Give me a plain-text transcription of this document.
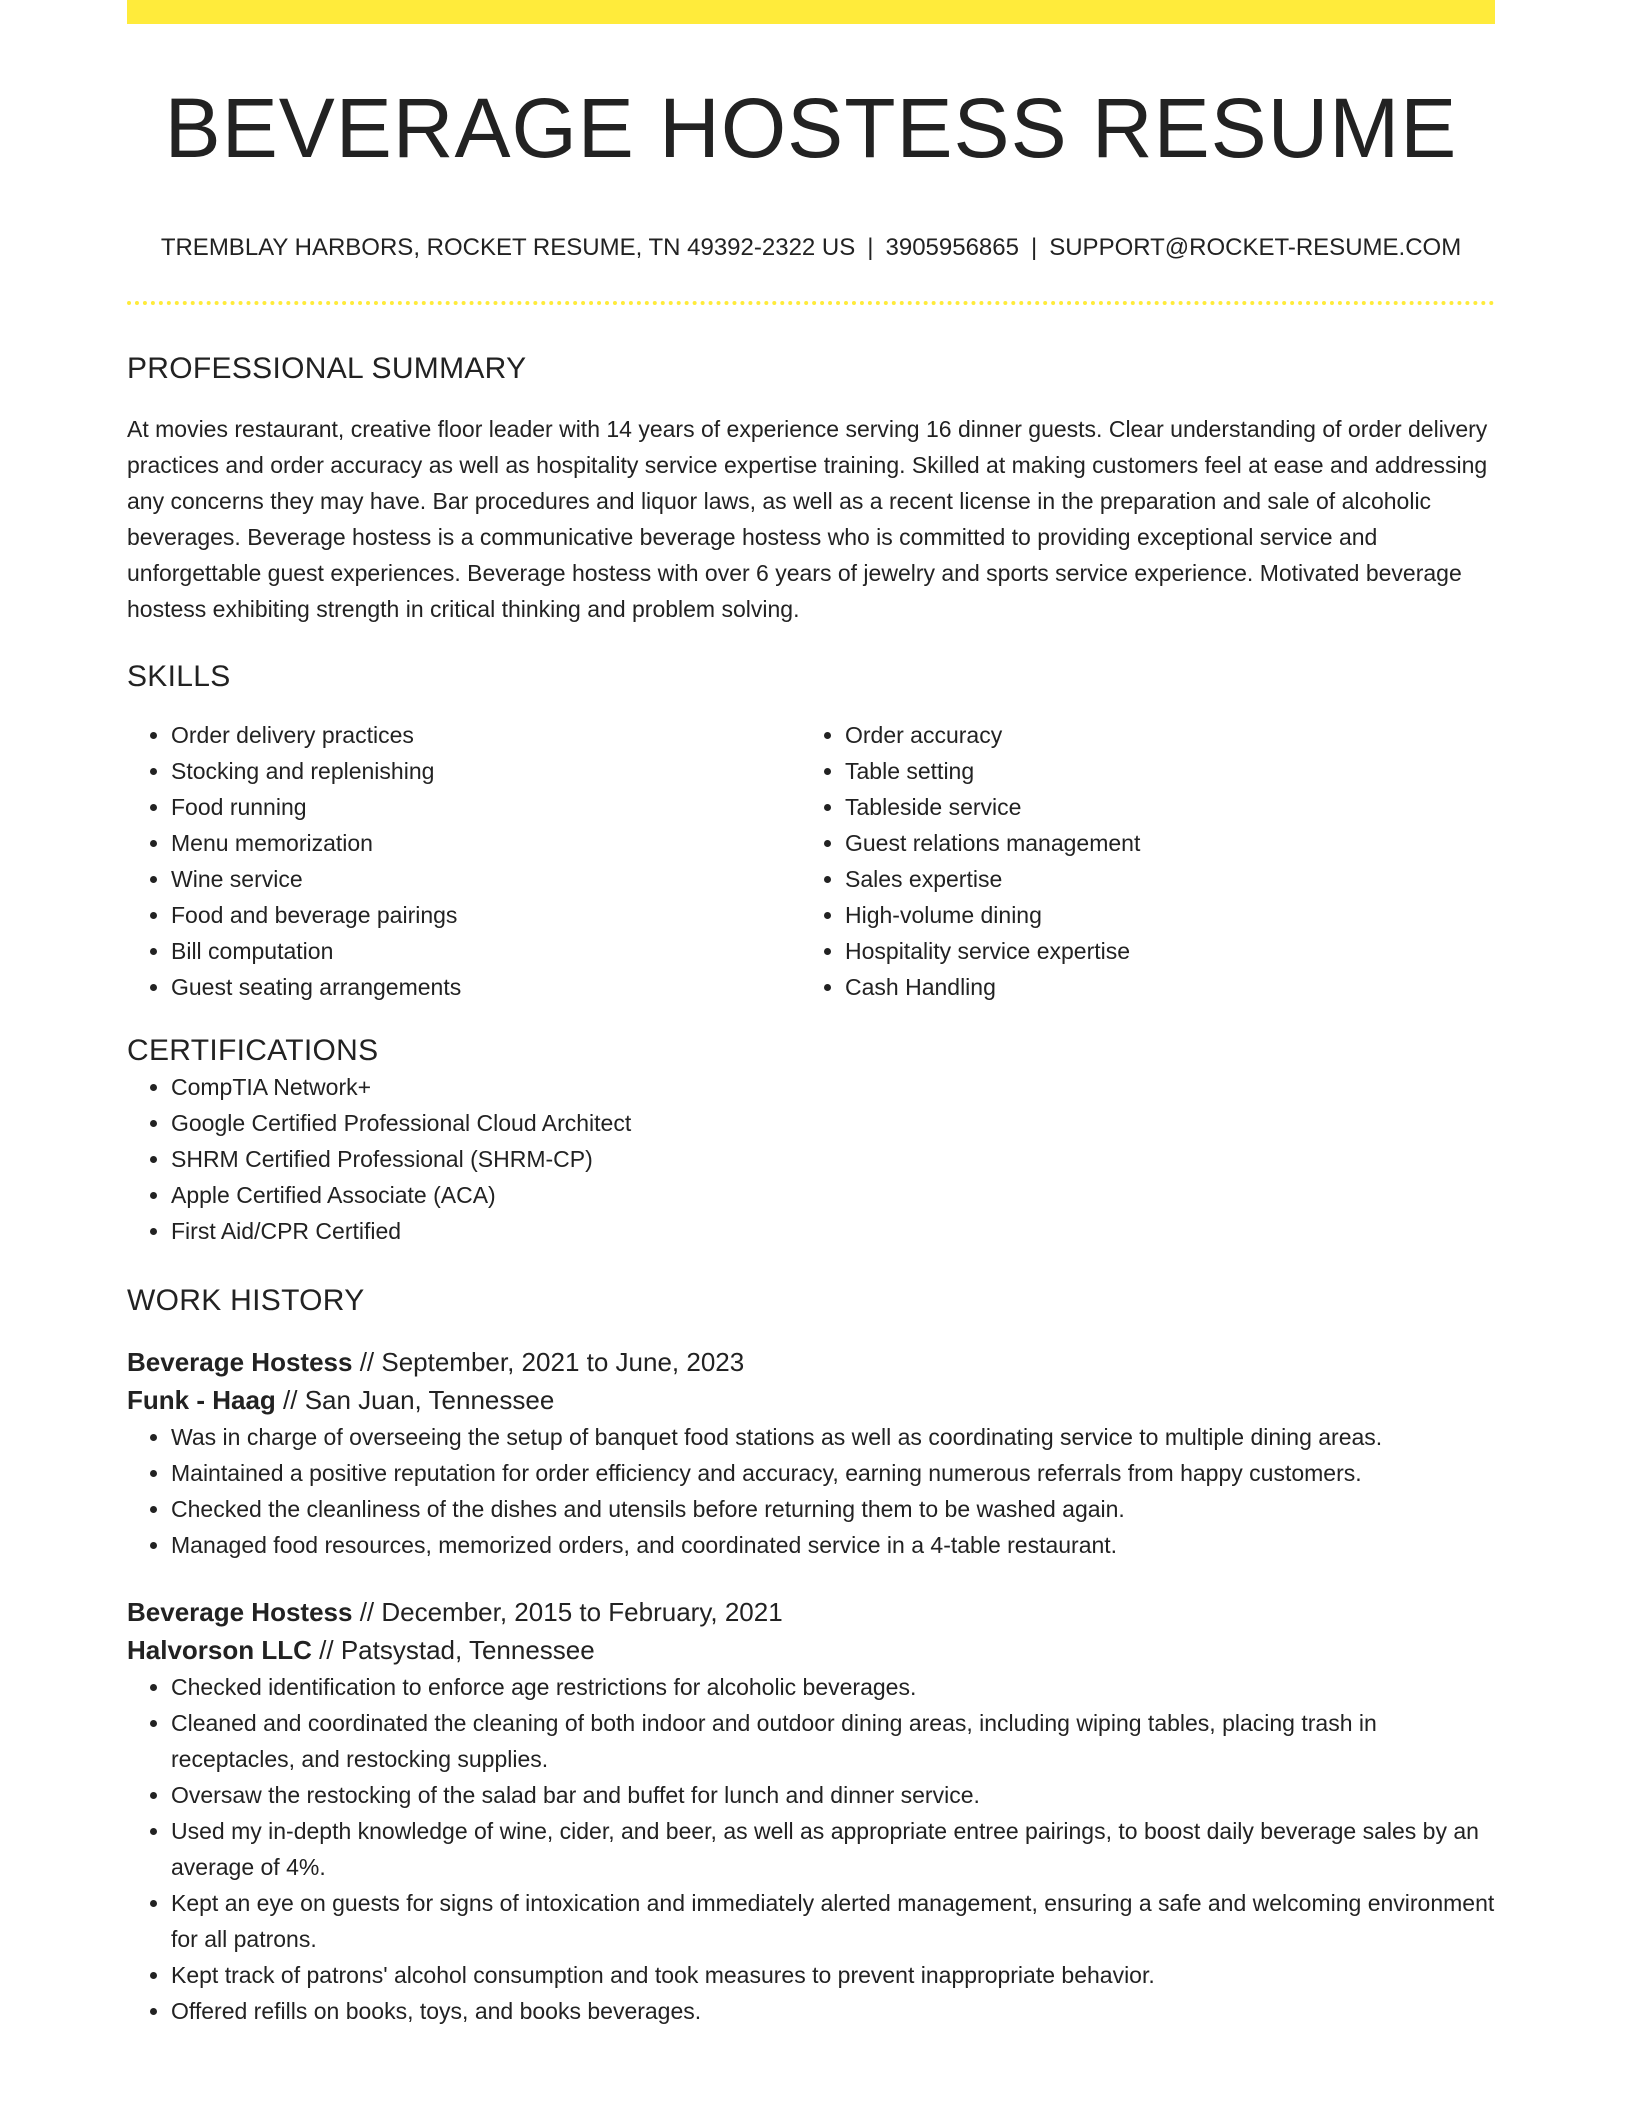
BEVERAGE HOSTESS RESUME
TREMBLAY HARBORS, ROCKET RESUME, TN 49392-2322 US | 3905956865 | SUPPORT@ROCKET-RESUME.COM
PROFESSIONAL SUMMARY
At movies restaurant, creative floor leader with 14 years of experience serving 16 dinner guests. Clear understanding of order delivery practices and order accuracy as well as hospitality service expertise training. Skilled at making customers feel at ease and addressing any concerns they may have. Bar procedures and liquor laws, as well as a recent license in the preparation and sale of alcoholic beverages. Beverage hostess is a communicative beverage hostess who is committed to providing exceptional service and unforgettable guest experiences. Beverage hostess with over 6 years of jewelry and sports service experience. Motivated beverage hostess exhibiting strength in critical thinking and problem solving.
SKILLS
• Order delivery practices
• Stocking and replenishing
• Food running
• Menu memorization
• Wine service
• Food and beverage pairings
• Bill computation
• Guest seating arrangements
• Order accuracy
• Table setting
• Tableside service
• Guest relations management
• Sales expertise
• High-volume dining
• Hospitality service expertise
• Cash Handling
CERTIFICATIONS
• CompTIA Network+
• Google Certified Professional Cloud Architect
• SHRM Certified Professional (SHRM-CP)
• Apple Certified Associate (ACA)
• First Aid/CPR Certified
WORK HISTORY
Beverage Hostess // September, 2021 to June, 2023
Funk - Haag // San Juan, Tennessee
• Was in charge of overseeing the setup of banquet food stations as well as coordinating service to multiple dining areas.
• Maintained a positive reputation for order efficiency and accuracy, earning numerous referrals from happy customers.
• Checked the cleanliness of the dishes and utensils before returning them to be washed again.
• Managed food resources, memorized orders, and coordinated service in a 4-table restaurant.
Beverage Hostess // December, 2015 to February, 2021
Halvorson LLC // Patsystad, Tennessee
• Checked identification to enforce age restrictions for alcoholic beverages.
• Cleaned and coordinated the cleaning of both indoor and outdoor dining areas, including wiping tables, placing trash in receptacles, and restocking supplies.
• Oversaw the restocking of the salad bar and buffet for lunch and dinner service.
• Used my in-depth knowledge of wine, cider, and beer, as well as appropriate entree pairings, to boost daily beverage sales by an average of 4%.
• Kept an eye on guests for signs of intoxication and immediately alerted management, ensuring a safe and welcoming environment for all patrons.
• Kept track of patrons' alcohol consumption and took measures to prevent inappropriate behavior.
• Offered refills on books, toys, and books beverages.
